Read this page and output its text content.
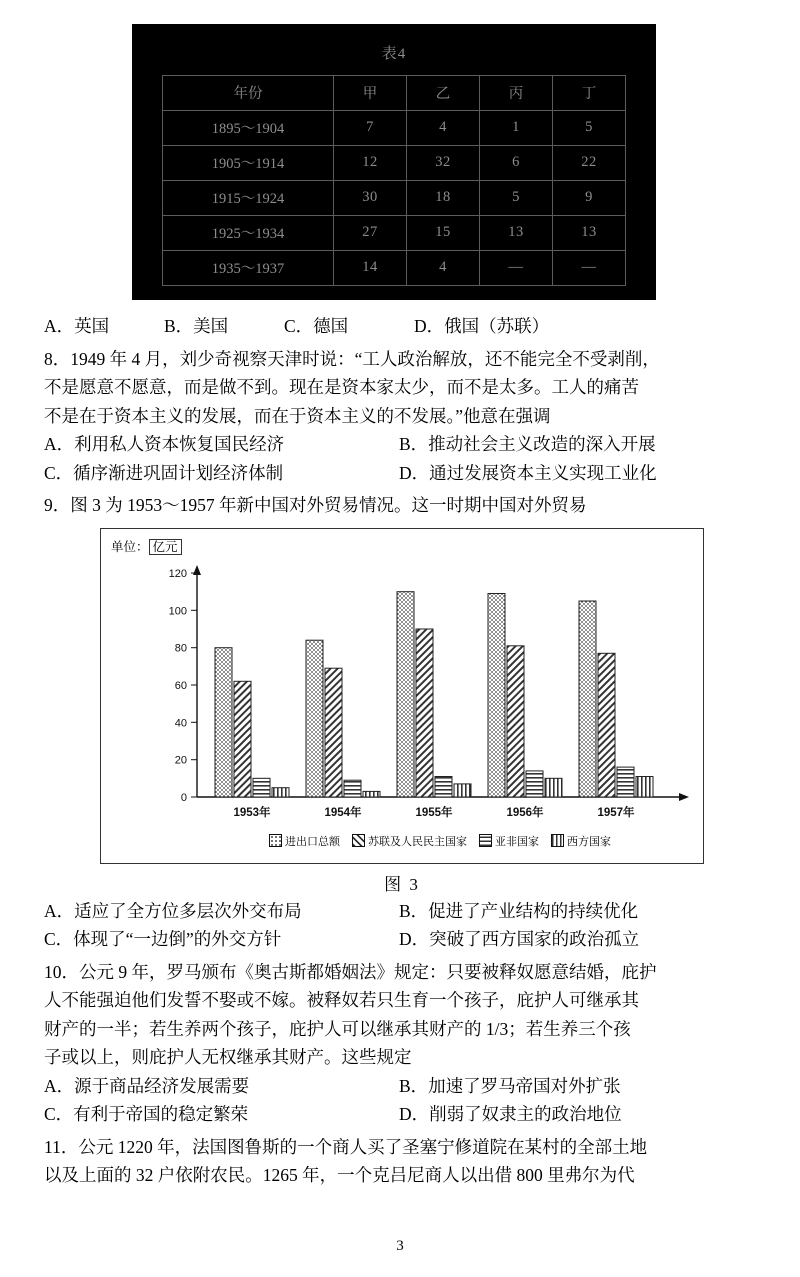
表4
年份	甲	乙	丙	丁
1895～1904	7	4	1	5
1905～1914	12	32	6	22
1915～1924	30	18	5	9
1925～1934	27	15	13	13
1935～1937	14	4	—	—
A．英国	B．美国	C．德国	D．俄国（苏联）
8．1949 年 4 月，刘少奇视察天津时说：“工人政治解放，还不能完全不受剥削，
不是愿意不愿意，而是做不到。现在是资本家太少，而不是太多。工人的痛苦
不是在于资本主义的发展，而在于资本主义的不发展。”他意在强调
A．利用私人资本恢复国民经济	B．推动社会主义改造的深入开展
C．循序渐进巩固计划经济体制	D．通过发展资本主义实现工业化
9．图 3 为 1953～1957 年新中国对外贸易情况。这一时期中国对外贸易
单位： 亿元
0
20
40
60
80
100
120
1953年	1954年	1955年	1956年	1957年
进出口总额	苏联及人民民主国家	亚非国家	西方国家
图 3
A．适应了全方位多层次外交布局	B．促进了产业结构的持续优化
C．体现了“一边倒”的外交方针	D．突破了西方国家的政治孤立
10．公元 9 年，罗马颁布《奥古斯都婚姻法》规定：只要被释奴愿意结婚，庇护
人不能强迫他们发誓不娶或不嫁。被释奴若只生育一个孩子，庇护人可继承其
财产的一半；若生养两个孩子，庇护人可以继承其财产的 1/3；若生养三个孩
子或以上，则庇护人无权继承其财产。这些规定
A．源于商品经济发展需要	B．加速了罗马帝国对外扩张
C．有利于帝国的稳定繁荣	D．削弱了奴隶主的政治地位
11．公元 1220 年，法国图鲁斯的一个商人买了圣塞宁修道院在某村的全部土地
以及上面的 32 户依附农民。1265 年，一个克吕尼商人以出借 800 里弗尔为代
3
